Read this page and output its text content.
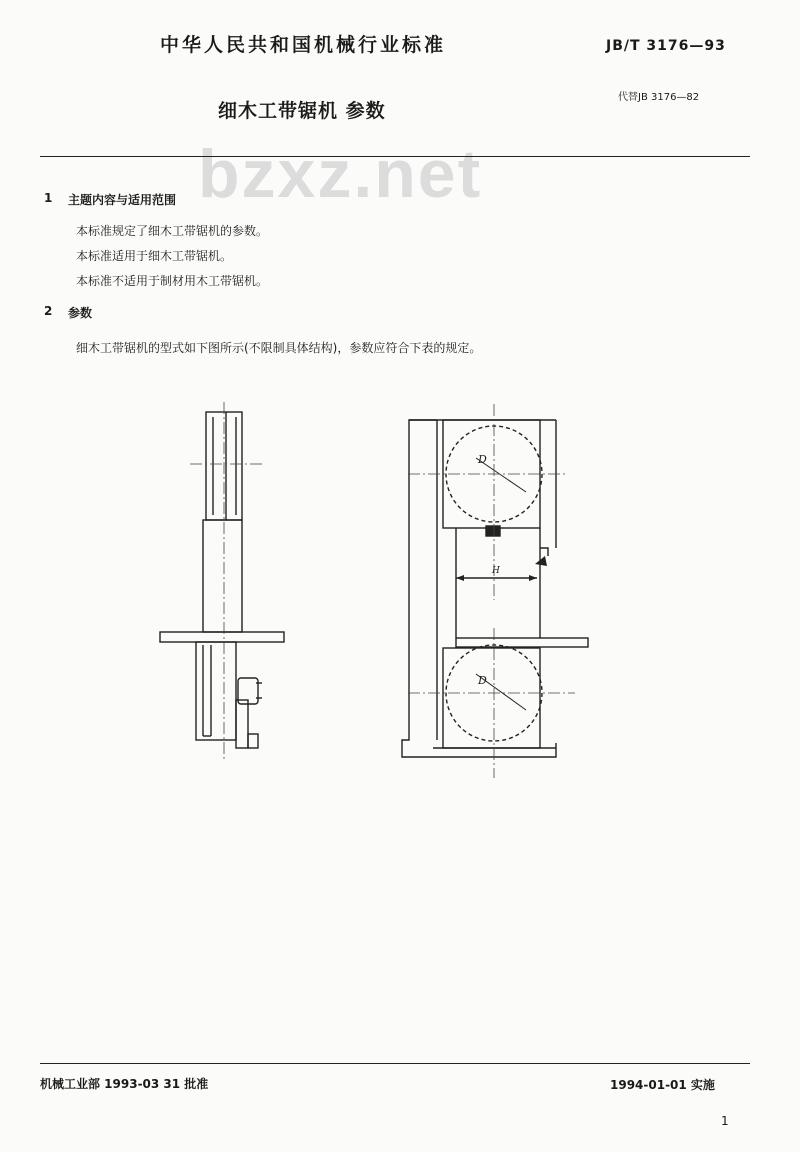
中华人民共和国机械行业标准	JB/T 3176—93
细木工带锯机 参数
代替JB 3176—82
bzxz.net
1 主题内容与适用范围
本标准规定了细木工带锯机的参数。
本标准适用于细木工带锯机。
本标准不适用于制材用木工带锯机。
2 参数
细木工带锯机的型式如下图所示(不限制具体结构)，参数应符合下表的规定。
D
D
H
机械工业部 1993-03 31 批准	1994-01-01 实施
1
